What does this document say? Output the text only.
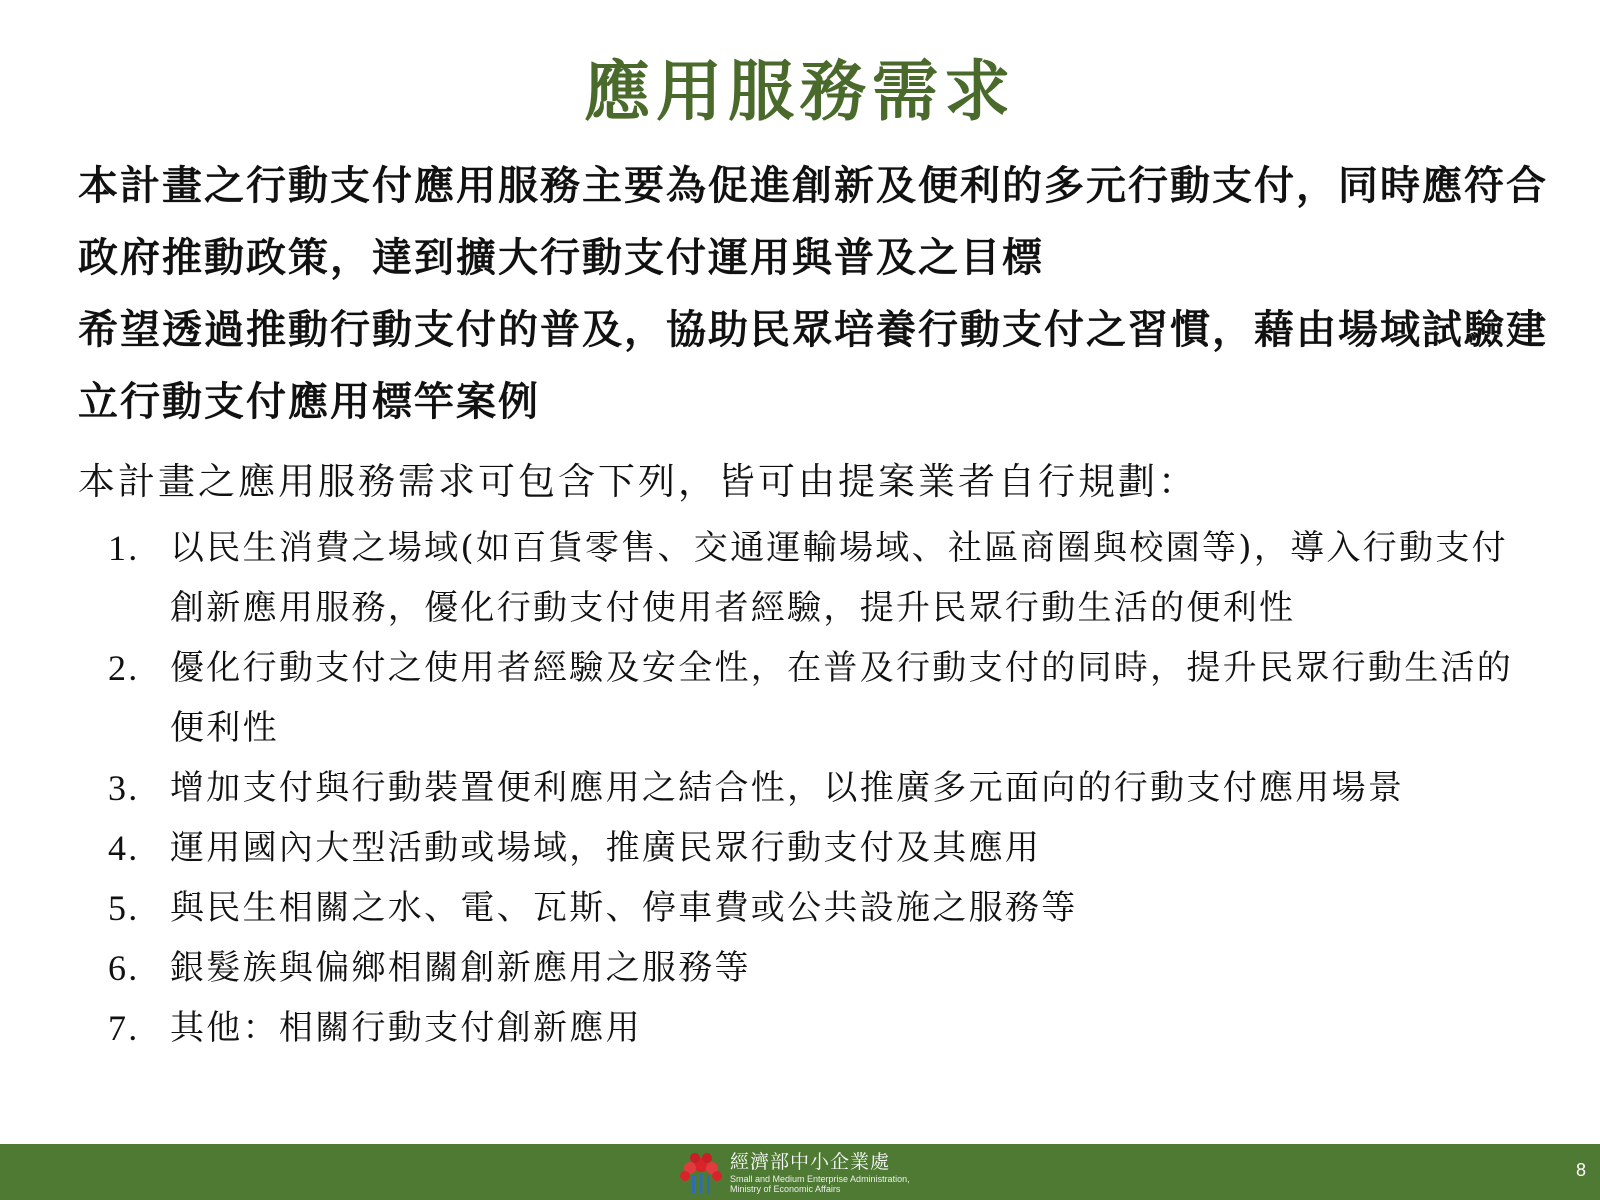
應用服務需求

本計畫之行動支付應用服務主要為促進創新及便利的多元行動支付，同時應符合政府推動政策，達到擴大行動支付運用與普及之目標

希望透過推動行動支付的普及，協助民眾培養行動支付之習慣，藉由場域試驗建立行動支付應用標竿案例

本計畫之應用服務需求可包含下列，皆可由提案業者自行規劃：
1. 以民生消費之場域(如百貨零售、交通運輸場域、社區商圈與校園等)，導入行動支付創新應用服務，優化行動支付使用者經驗，提升民眾行動生活的便利性
2. 優化行動支付之使用者經驗及安全性，在普及行動支付的同時，提升民眾行動生活的便利性
3. 增加支付與行動裝置便利應用之結合性，以推廣多元面向的行動支付應用場景
4. 運用國內大型活動或場域，推廣民眾行動支付及其應用
5. 與民生相關之水、電、瓦斯、停車費或公共設施之服務等
6. 銀髮族與偏鄉相關創新應用之服務等
7. 其他：相關行動支付創新應用
經濟部中小企業處
Small and Medium Enterprise Administration,
Ministry of Economic Affairs
8
